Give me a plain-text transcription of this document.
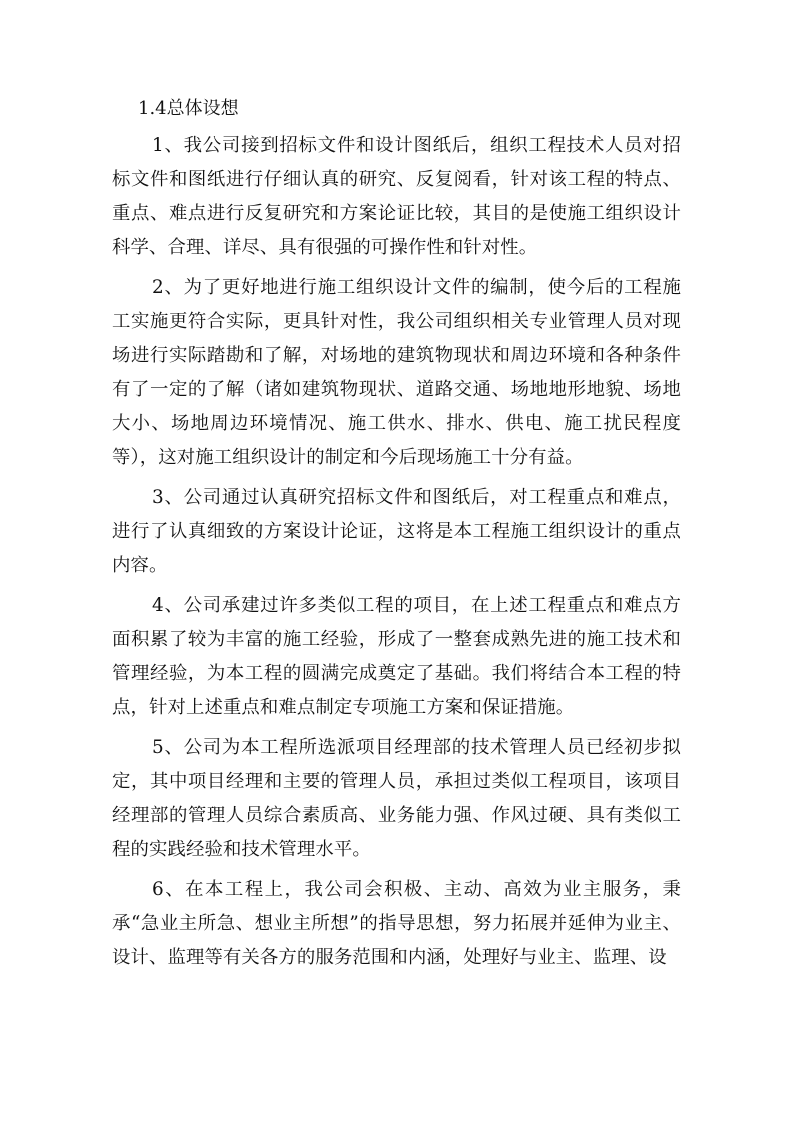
1.4总体设想

1、我公司接到招标文件和设计图纸后，组织工程技术人员对招标文件和图纸进行仔细认真的研究、反复阅看，针对该工程的特点、重点、难点进行反复研究和方案论证比较，其目的是使施工组织设计科学、合理、详尽、具有很强的可操作性和针对性。

2、为了更好地进行施工组织设计文件的编制，使今后的工程施工实施更符合实际，更具针对性，我公司组织相关专业管理人员对现场进行实际踏勘和了解，对场地的建筑物现状和周边环境和各种条件有了一定的了解（诸如建筑物现状、道路交通、场地地形地貌、场地大小、场地周边环境情况、施工供水、排水、供电、施工扰民程度等），这对施工组织设计的制定和今后现场施工十分有益。

3、公司通过认真研究招标文件和图纸后，对工程重点和难点，进行了认真细致的方案设计论证，这将是本工程施工组织设计的重点内容。

4、公司承建过许多类似工程的项目，在上述工程重点和难点方面积累了较为丰富的施工经验，形成了一整套成熟先进的施工技术和管理经验，为本工程的圆满完成奠定了基础。我们将结合本工程的特点，针对上述重点和难点制定专项施工方案和保证措施。

5、公司为本工程所选派项目经理部的技术管理人员已经初步拟定，其中项目经理和主要的管理人员，承担过类似工程项目，该项目经理部的管理人员综合素质高、业务能力强、作风过硬、具有类似工程的实践经验和技术管理水平。

6、在本工程上，我公司会积极、主动、高效为业主服务，秉承“急业主所急、想业主所想”的指导思想，努力拓展并延伸为业主、设计、监理等有关各方的服务范围和内涵，处理好与业主、监理、设
